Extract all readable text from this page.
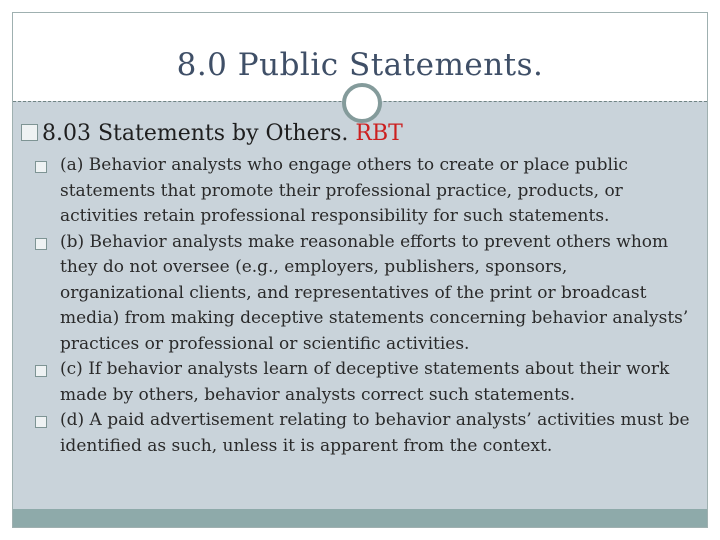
8.0 Public Statements.
8.03 Statements by Others. RBT
(a) Behavior analysts who engage others to create or place public statements that promote their professional practice, products, or activities retain professional responsibility for such statements.
(b) Behavior analysts make reasonable efforts to prevent others whom they do not oversee (e.g., employers, publishers, sponsors, organizational clients, and representatives of the print or broadcast media) from making deceptive statements concerning behavior analysts’ practices or professional or scientific activities.
(c) If behavior analysts learn of deceptive statements about their work made by others, behavior analysts correct such statements.
(d) A paid advertisement relating to behavior analysts’ activities must be identified as such, unless it is apparent from the context.
